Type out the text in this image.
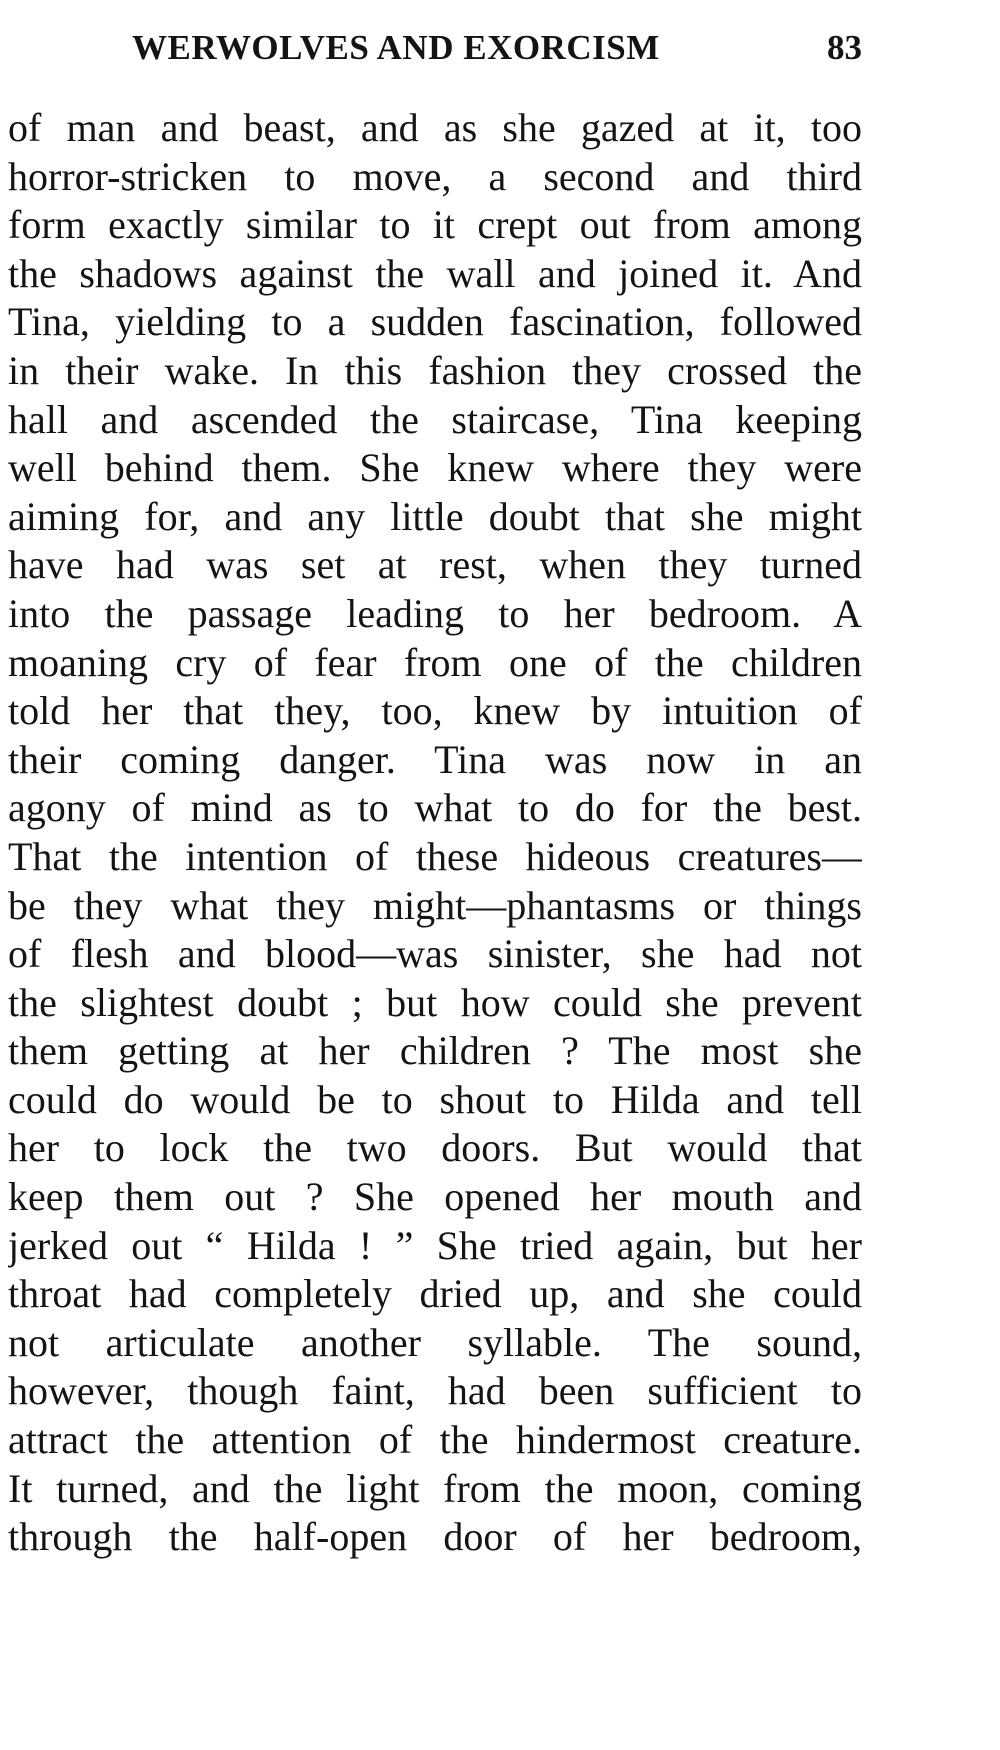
WERWOLVES AND EXORCISM	83
of man and beast, and as she gazed at it, too
horror-stricken to move, a second and third
form exactly similar to it crept out from among
the shadows against the wall and joined it. And
Tina, yielding to a sudden fascination, followed
in their wake. In this fashion they crossed the
hall and ascended the staircase, Tina keeping
well behind them. She knew where they were
aiming for, and any little doubt that she might
have had was set at rest, when they turned
into the passage leading to her bedroom. A
moaning cry of fear from one of the children
told her that they, too, knew by intuition of
their coming danger. Tina was now in an
agony of mind as to what to do for the best.
That the intention of these hideous creatures—
be they what they might—phantasms or things
of flesh and blood—was sinister, she had not
the slightest doubt ; but how could she prevent
them getting at her children ? The most she
could do would be to shout to Hilda and tell
her to lock the two doors. But would that
keep them out ? She opened her mouth and
jerked out “ Hilda ! ” She tried again, but her
throat had completely dried up, and she could
not articulate another syllable. The sound,
however, though faint, had been sufficient to
attract the attention of the hindermost creature.
It turned, and the light from the moon, coming
through the half-open door of her bedroom,
